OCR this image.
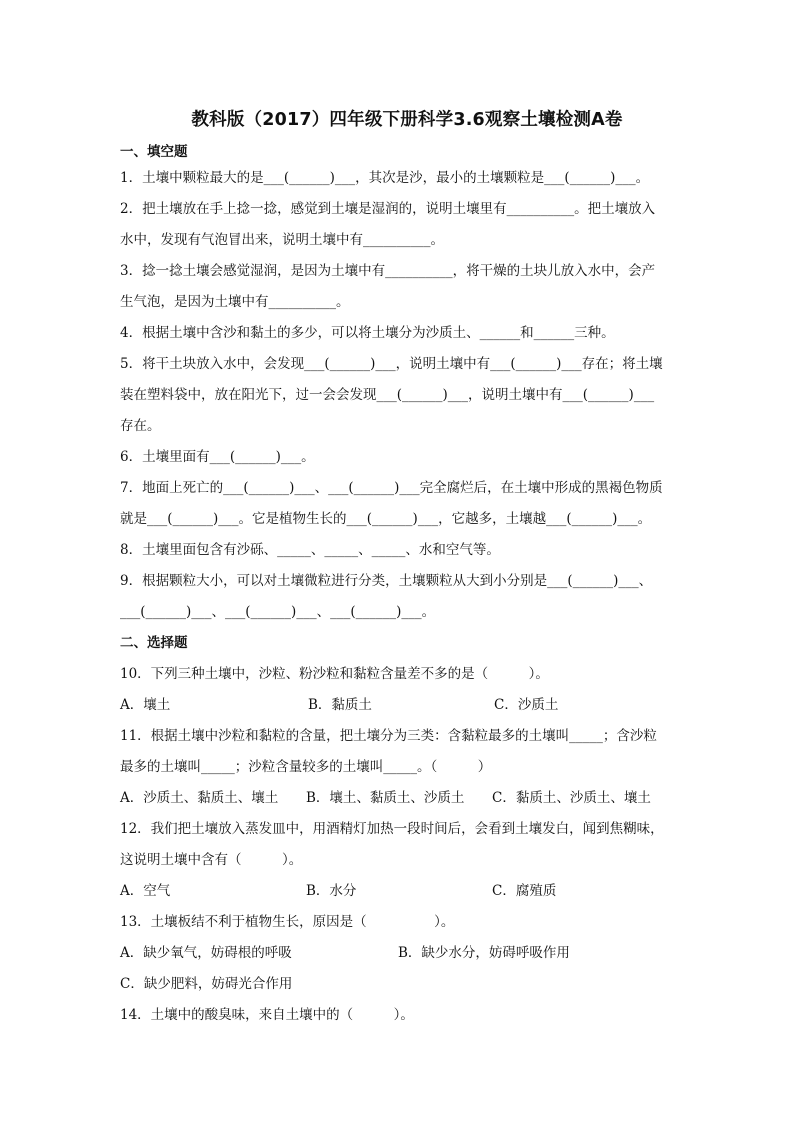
教科版（2017）四年级下册科学3.6观察土壤检测A卷
一、填空题

1．土壤中颗粒最大的是___(______)___，其次是沙，最小的土壤颗粒是___(______)___。

2．把土壤放在手上捻一捻，感觉到土壤是湿润的，说明土壤里有__________。把土壤放入

水中，发现有气泡冒出来，说明土壤中有__________。

3．捻一捻土壤会感觉湿润，是因为土壤中有__________，将干燥的土块儿放入水中，会产

生气泡，是因为土壤中有__________。

4．根据土壤中含沙和黏土的多少，可以将土壤分为沙质土、______和______三种。

5．将干土块放入水中，会发现___(______)___，说明土壤中有___(______)___存在；将土壤

装在塑料袋中，放在阳光下，过一会会发现___(______)___，说明土壤中有___(______)___

存在。

6．土壤里面有___(______)___。

7．地面上死亡的___(______)___、___(______)___完全腐烂后，在土壤中形成的黑褐色物质

就是___(______)___。它是植物生长的___(______)___，它越多，土壤越___(______)___。

8．土壤里面包含有沙砾、_____、_____、_____、水和空气等。

9．根据颗粒大小，可以对土壤微粒进行分类，土壤颗粒从大到小分别是___(______)___、

___(______)___、___(______)___、___(______)___。

二、选择题

10．下列三种土壤中，沙粒、粉沙粒和黏粒含量差不多的是（　　　）。

A．壤土	B．黏质土	C．沙质土

11．根据土壤中沙粒和黏粒的含量，把土壤分为三类：含黏粒最多的土壤叫_____；含沙粒

最多的土壤叫_____；沙粒含量较多的土壤叫_____。（　　　）

A．沙质土、黏质土、壤土	B．壤土、黏质土、沙质土	C．黏质土、沙质土、壤土

12．我们把土壤放入蒸发皿中，用酒精灯加热一段时间后，会看到土壤发白，闻到焦糊味，

这说明土壤中含有（　　　）。

A．空气	B．水分	C．腐殖质

13．土壤板结不利于植物生长，原因是（　　　　　）。

A．缺少氧气，妨碍根的呼吸	B．缺少水分，妨碍呼吸作用

C．缺少肥料，妨碍光合作用

14．土壤中的酸臭味，来自土壤中的（　　　）。
